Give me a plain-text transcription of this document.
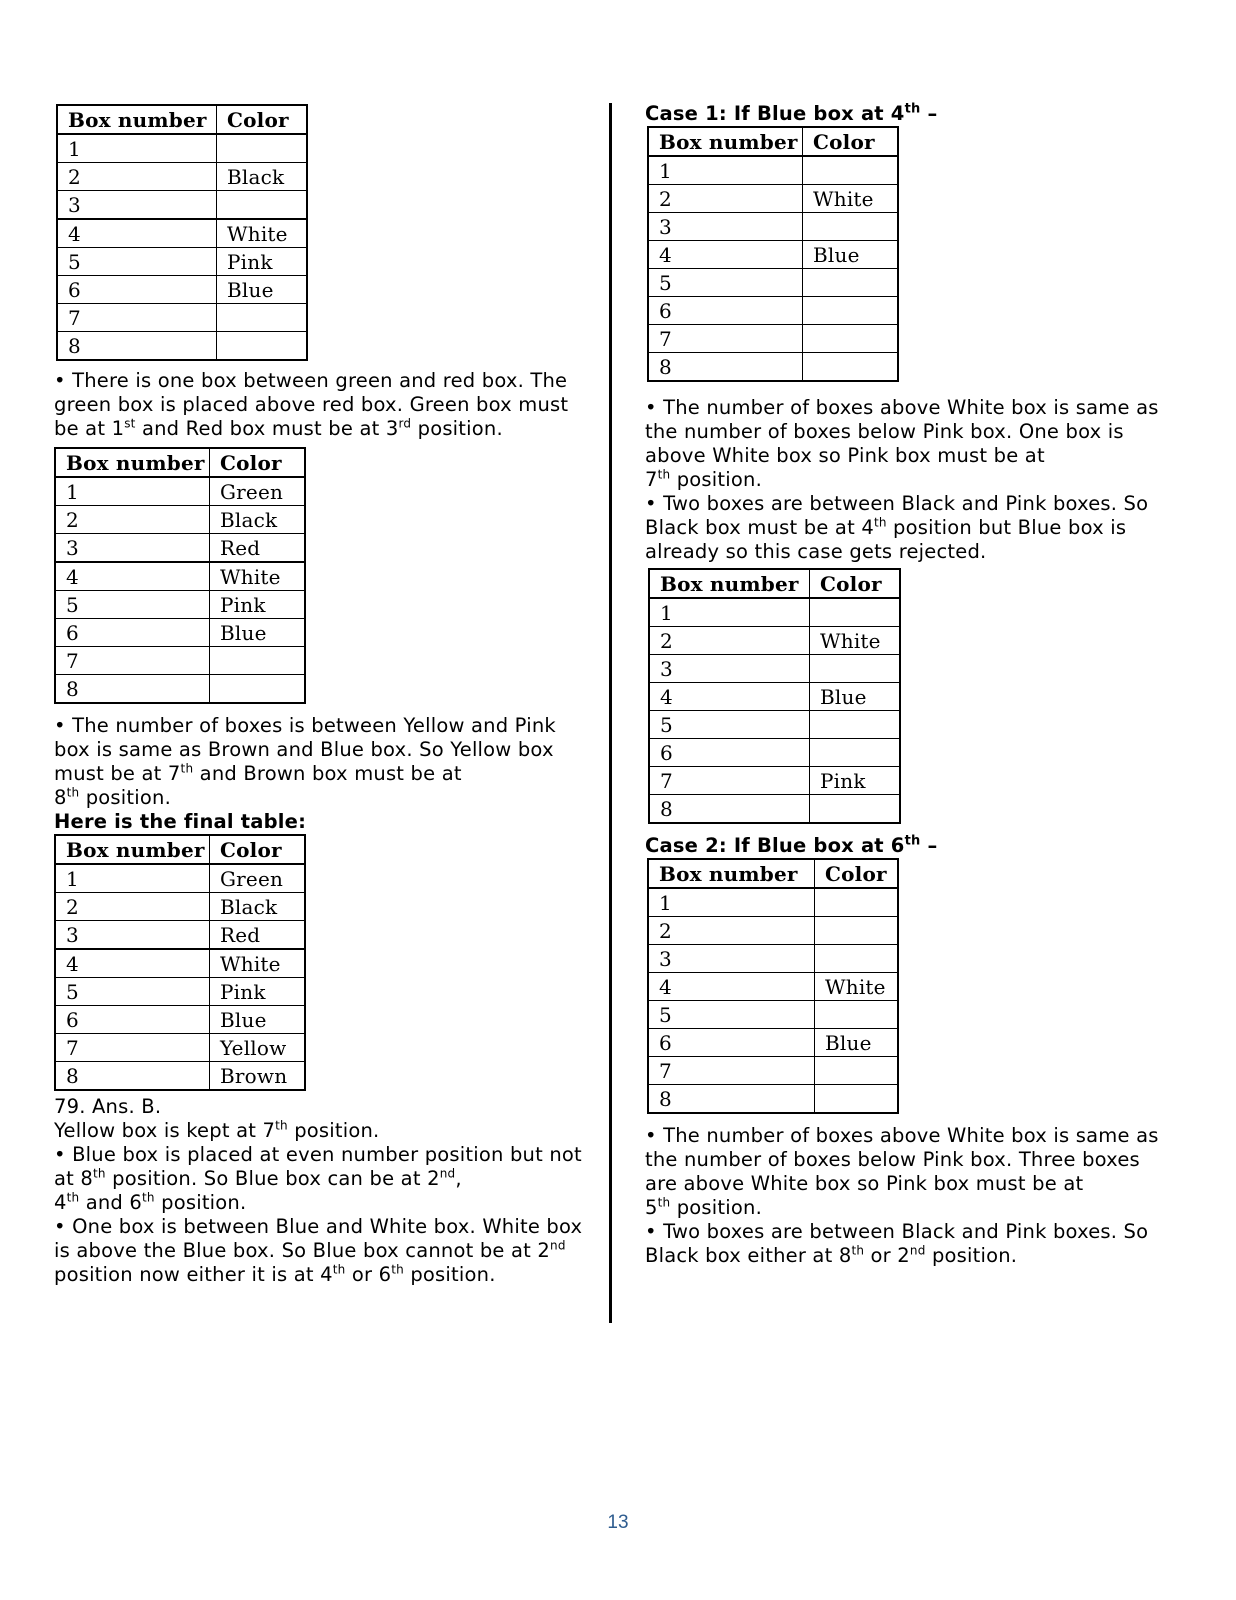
Box number	Color
1	
2	Black
3	
4	White
5	Pink
6	Blue
7	
8	

• There is one box between green and red box. The green box is placed above red box. Green box must be at 1st and Red box must be at 3rd position.

Box number	Color
1	Green
2	Black
3	Red
4	White
5	Pink
6	Blue
7	
8	

• The number of boxes is between Yellow and Pink box is same as Brown and Blue box. So Yellow box must be at 7th and Brown box must be at
8th position.

Here is the final table:

Box number	Color
1	Green
2	Black
3	Red
4	White
5	Pink
6	Blue
7	Yellow
8	Brown

79. Ans. B.

Yellow box is kept at 7th position.

• Blue box is placed at even number position but not at 8th position. So Blue box can be at 2nd,
4th and 6th position.

• One box is between Blue and White box. White box is above the Blue box. So Blue box cannot be at 2nd position now either it is at 4th or 6th position.

Case 1: If Blue box at 4th –

Box number	Color
1	
2	White
3	
4	Blue
5	
6	
7	
8	

• The number of boxes above White box is same as the number of boxes below Pink box. One box is above White box so Pink box must be at
7th position.

• Two boxes are between Black and Pink boxes. So Black box must be at 4th position but Blue box is already so this case gets rejected.

Box number	Color
1	
2	White
3	
4	Blue
5	
6	
7	Pink
8	

Case 2: If Blue box at 6th –

Box number	Color
1	
2	
3	
4	White
5	
6	Blue
7	
8	

• The number of boxes above White box is same as the number of boxes below Pink box. Three boxes are above White box so Pink box must be at
5th position.

• Two boxes are between Black and Pink boxes. So Black box either at 8th or 2nd position.

13
